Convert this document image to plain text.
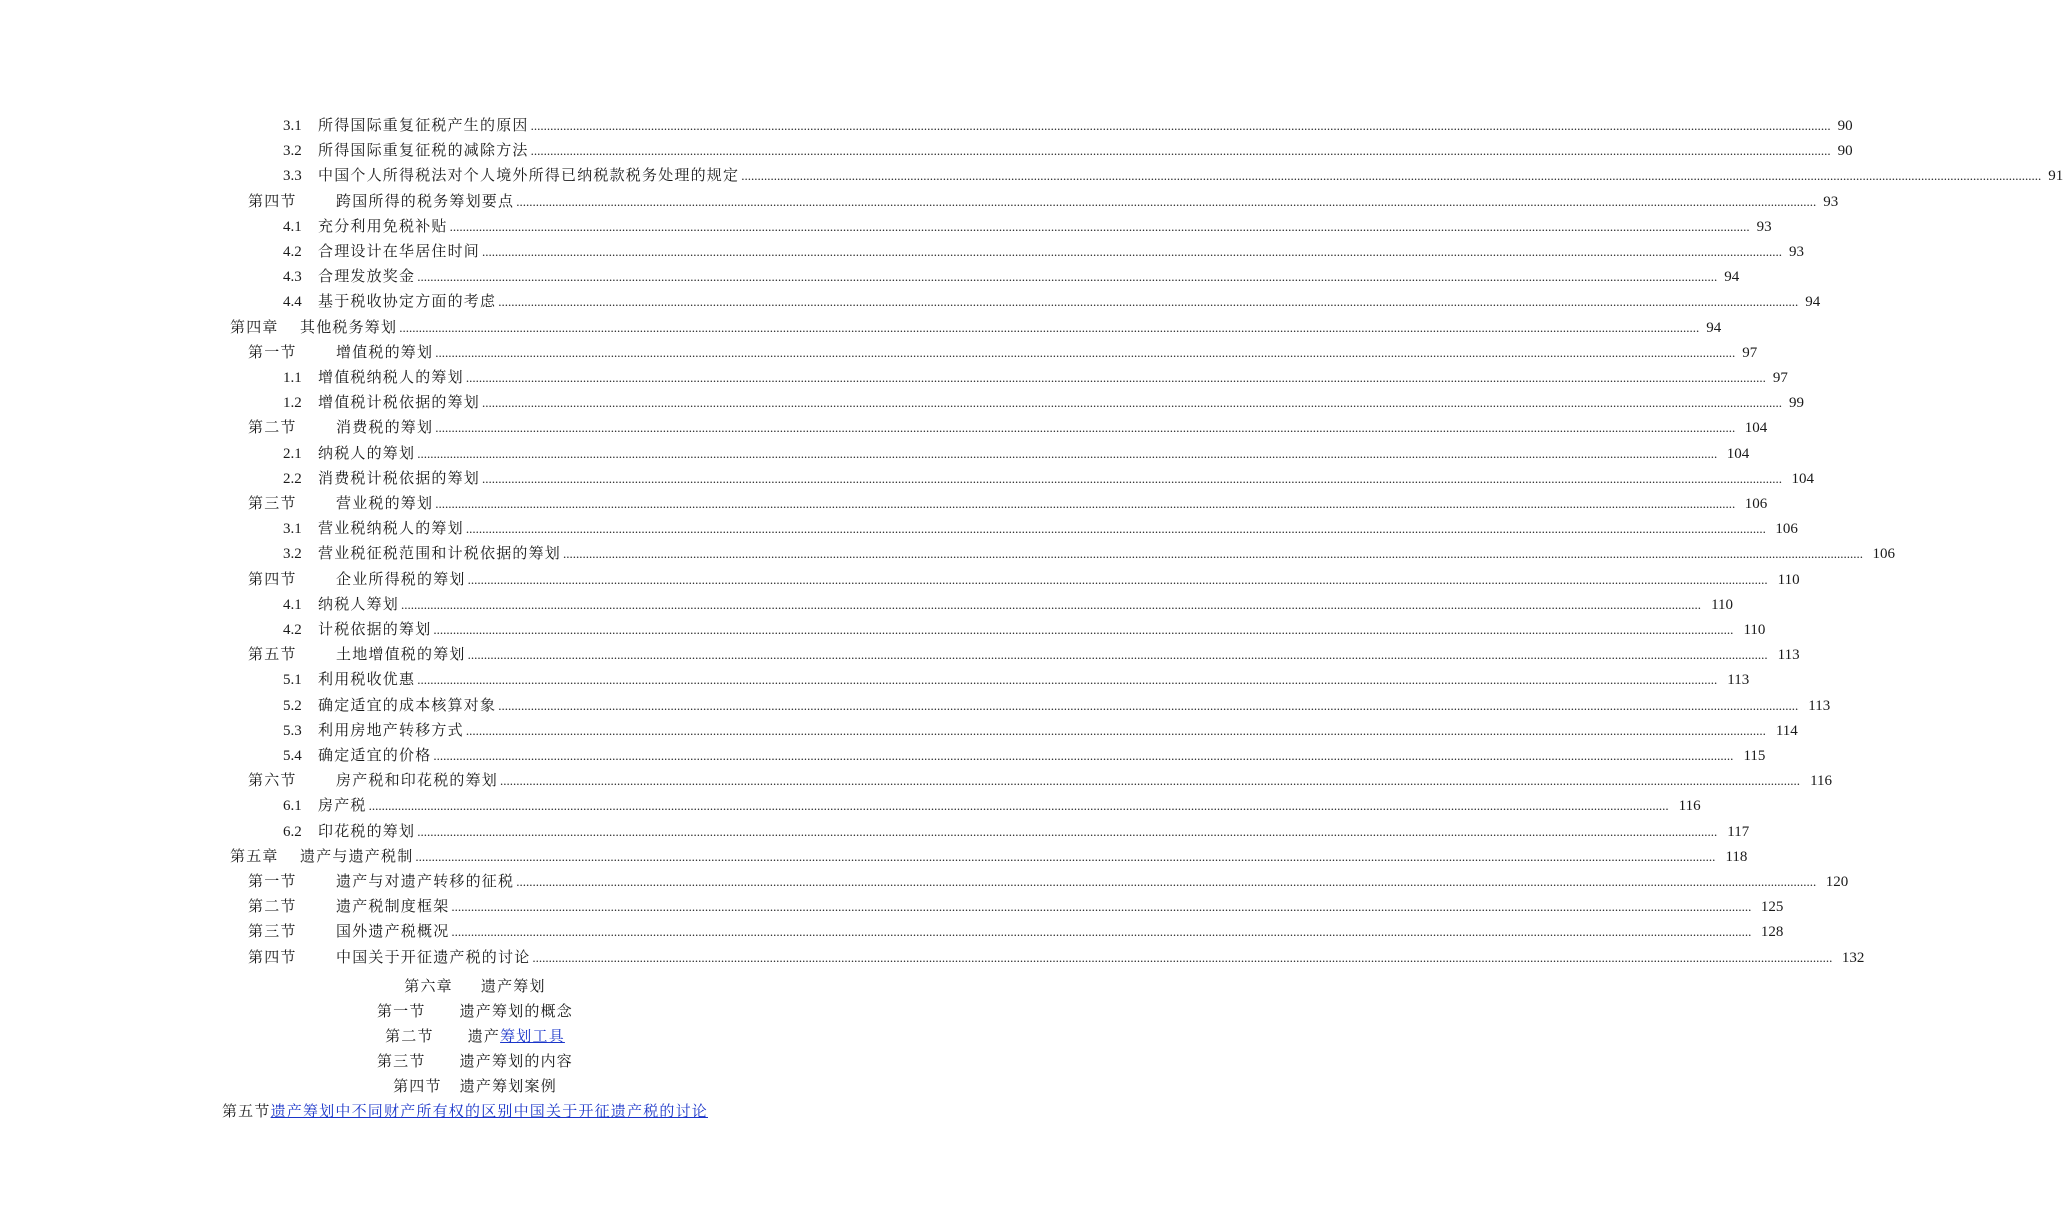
3.1 所得国际重复征税产生的原因 ................................................................................................................................................................................................................................................................................................................................................................................................................ 90
3.2 所得国际重复征税的减除方法 ................................................................................................................................................................................................................................................................................................................................................................................................................ 90
3.3 中国个人所得税法对个人境外所得已纳税款税务处理的规定 ................................................................................................................................................................................................................................................................................................................................................................................................................ 91
第四节	跨国所得的税务筹划要点 ................................................................................................................................................................................................................................................................................................................................................................................................................ 93
4.1 充分利用免税补贴 ................................................................................................................................................................................................................................................................................................................................................................................................................ 93
4.2 合理设计在华居住时间 ................................................................................................................................................................................................................................................................................................................................................................................................................ 93
4.3 合理发放奖金 ................................................................................................................................................................................................................................................................................................................................................................................................................ 94
4.4 基于税收协定方面的考虑 ................................................................................................................................................................................................................................................................................................................................................................................................................ 94
第四章 其他税务筹划 ................................................................................................................................................................................................................................................................................................................................................................................................................ 94
第一节	增值税的筹划 ................................................................................................................................................................................................................................................................................................................................................................................................................ 97
1.1 增值税纳税人的筹划 ................................................................................................................................................................................................................................................................................................................................................................................................................ 97
1.2 增值税计税依据的筹划 ................................................................................................................................................................................................................................................................................................................................................................................................................ 99
第二节	消费税的筹划 ................................................................................................................................................................................................................................................................................................................................................................................................................ 104
2.1 纳税人的筹划 ................................................................................................................................................................................................................................................................................................................................................................................................................ 104
2.2 消费税计税依据的筹划 ................................................................................................................................................................................................................................................................................................................................................................................................................ 104
第三节	营业税的筹划 ................................................................................................................................................................................................................................................................................................................................................................................................................ 106
3.1 营业税纳税人的筹划 ................................................................................................................................................................................................................................................................................................................................................................................................................ 106
3.2 营业税征税范围和计税依据的筹划 ................................................................................................................................................................................................................................................................................................................................................................................................................ 106
第四节	企业所得税的筹划 ................................................................................................................................................................................................................................................................................................................................................................................................................ 110
4.1 纳税人筹划 ................................................................................................................................................................................................................................................................................................................................................................................................................ 110
4.2 计税依据的筹划 ................................................................................................................................................................................................................................................................................................................................................................................................................ 110
第五节	土地增值税的筹划 ................................................................................................................................................................................................................................................................................................................................................................................................................ 113
5.1 利用税收优惠 ................................................................................................................................................................................................................................................................................................................................................................................................................ 113
5.2 确定适宜的成本核算对象 ................................................................................................................................................................................................................................................................................................................................................................................................................ 113
5.3 利用房地产转移方式 ................................................................................................................................................................................................................................................................................................................................................................................................................ 114
5.4 确定适宜的价格 ................................................................................................................................................................................................................................................................................................................................................................................................................ 115
第六节	房产税和印花税的筹划 ................................................................................................................................................................................................................................................................................................................................................................................................................ 116
6.1 房产税 ................................................................................................................................................................................................................................................................................................................................................................................................................ 116
6.2 印花税的筹划 ................................................................................................................................................................................................................................................................................................................................................................................................................ 117
第五章 遗产与遗产税制 ................................................................................................................................................................................................................................................................................................................................................................................................................ 118
第一节	遗产与对遗产转移的征税 ................................................................................................................................................................................................................................................................................................................................................................................................................ 120
第二节	遗产税制度框架 ................................................................................................................................................................................................................................................................................................................................................................................................................ 125
第三节	国外遗产税概况 ................................................................................................................................................................................................................................................................................................................................................................................................................ 128
第四节	中国关于开征遗产税的讨论 ................................................................................................................................................................................................................................................................................................................................................................................................................ 132
第六章 遗产筹划
第一节 遗产筹划的概念
第二节 遗产筹划工具
第三节 遗产筹划的内容
第四节 遗产筹划案例
第五节遗产筹划中不同财产所有权的区别中国关于开征遗产税的讨论
